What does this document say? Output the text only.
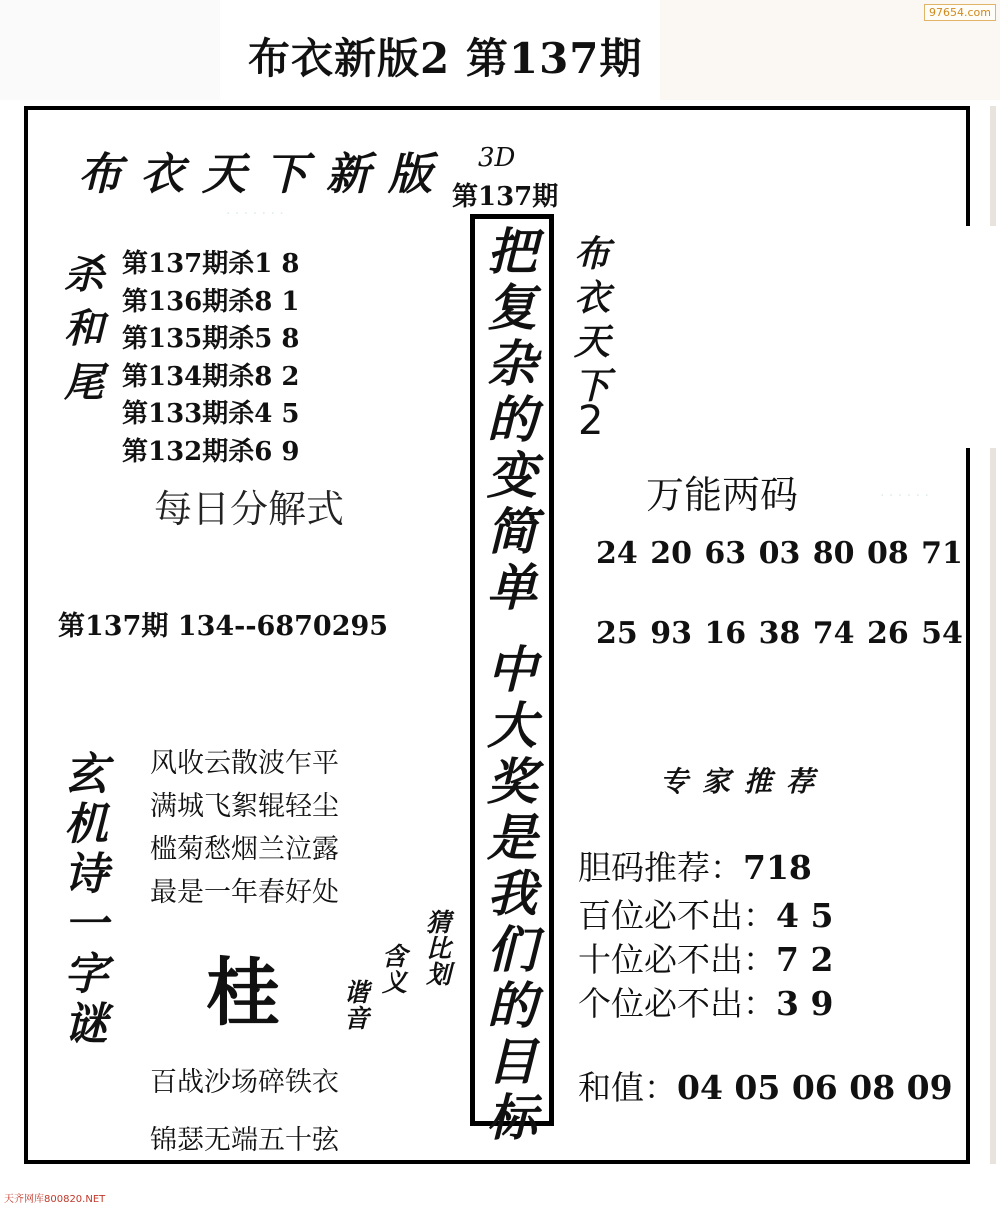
97654.com
布衣新版2 第137期
· · · · · · ·
· · · · · ·
布衣天下新版 3D
第137期
杀
和
尾
第137期杀1 8
第136期杀8 1
第135期杀5 8
第134期杀8 2
第133期杀4 5
第132期杀6 9
每日分解式
第137期 134--6870295
把
复
杂
的
变
简
单
中
大
奖
是
我
们
的
目
标
布
衣
天
下
2
万能两码
24 20 63 03 80 08 71
25 93 16 38 74 26 54
专家推荐
胆码推荐：718
百位必不出：4 5
十位必不出：7 2
个位必不出：3 9
和值：04 05 06 08 09
玄
机
诗
一
字
谜
风收云散波乍平
满城飞絮辊轻尘
槛菊愁烟兰泣露
最是一年春好处
桂	谐
音
含
义
猜
比
划
百战沙场碎铁衣
锦瑟无端五十弦
天齐网库800820.NET
